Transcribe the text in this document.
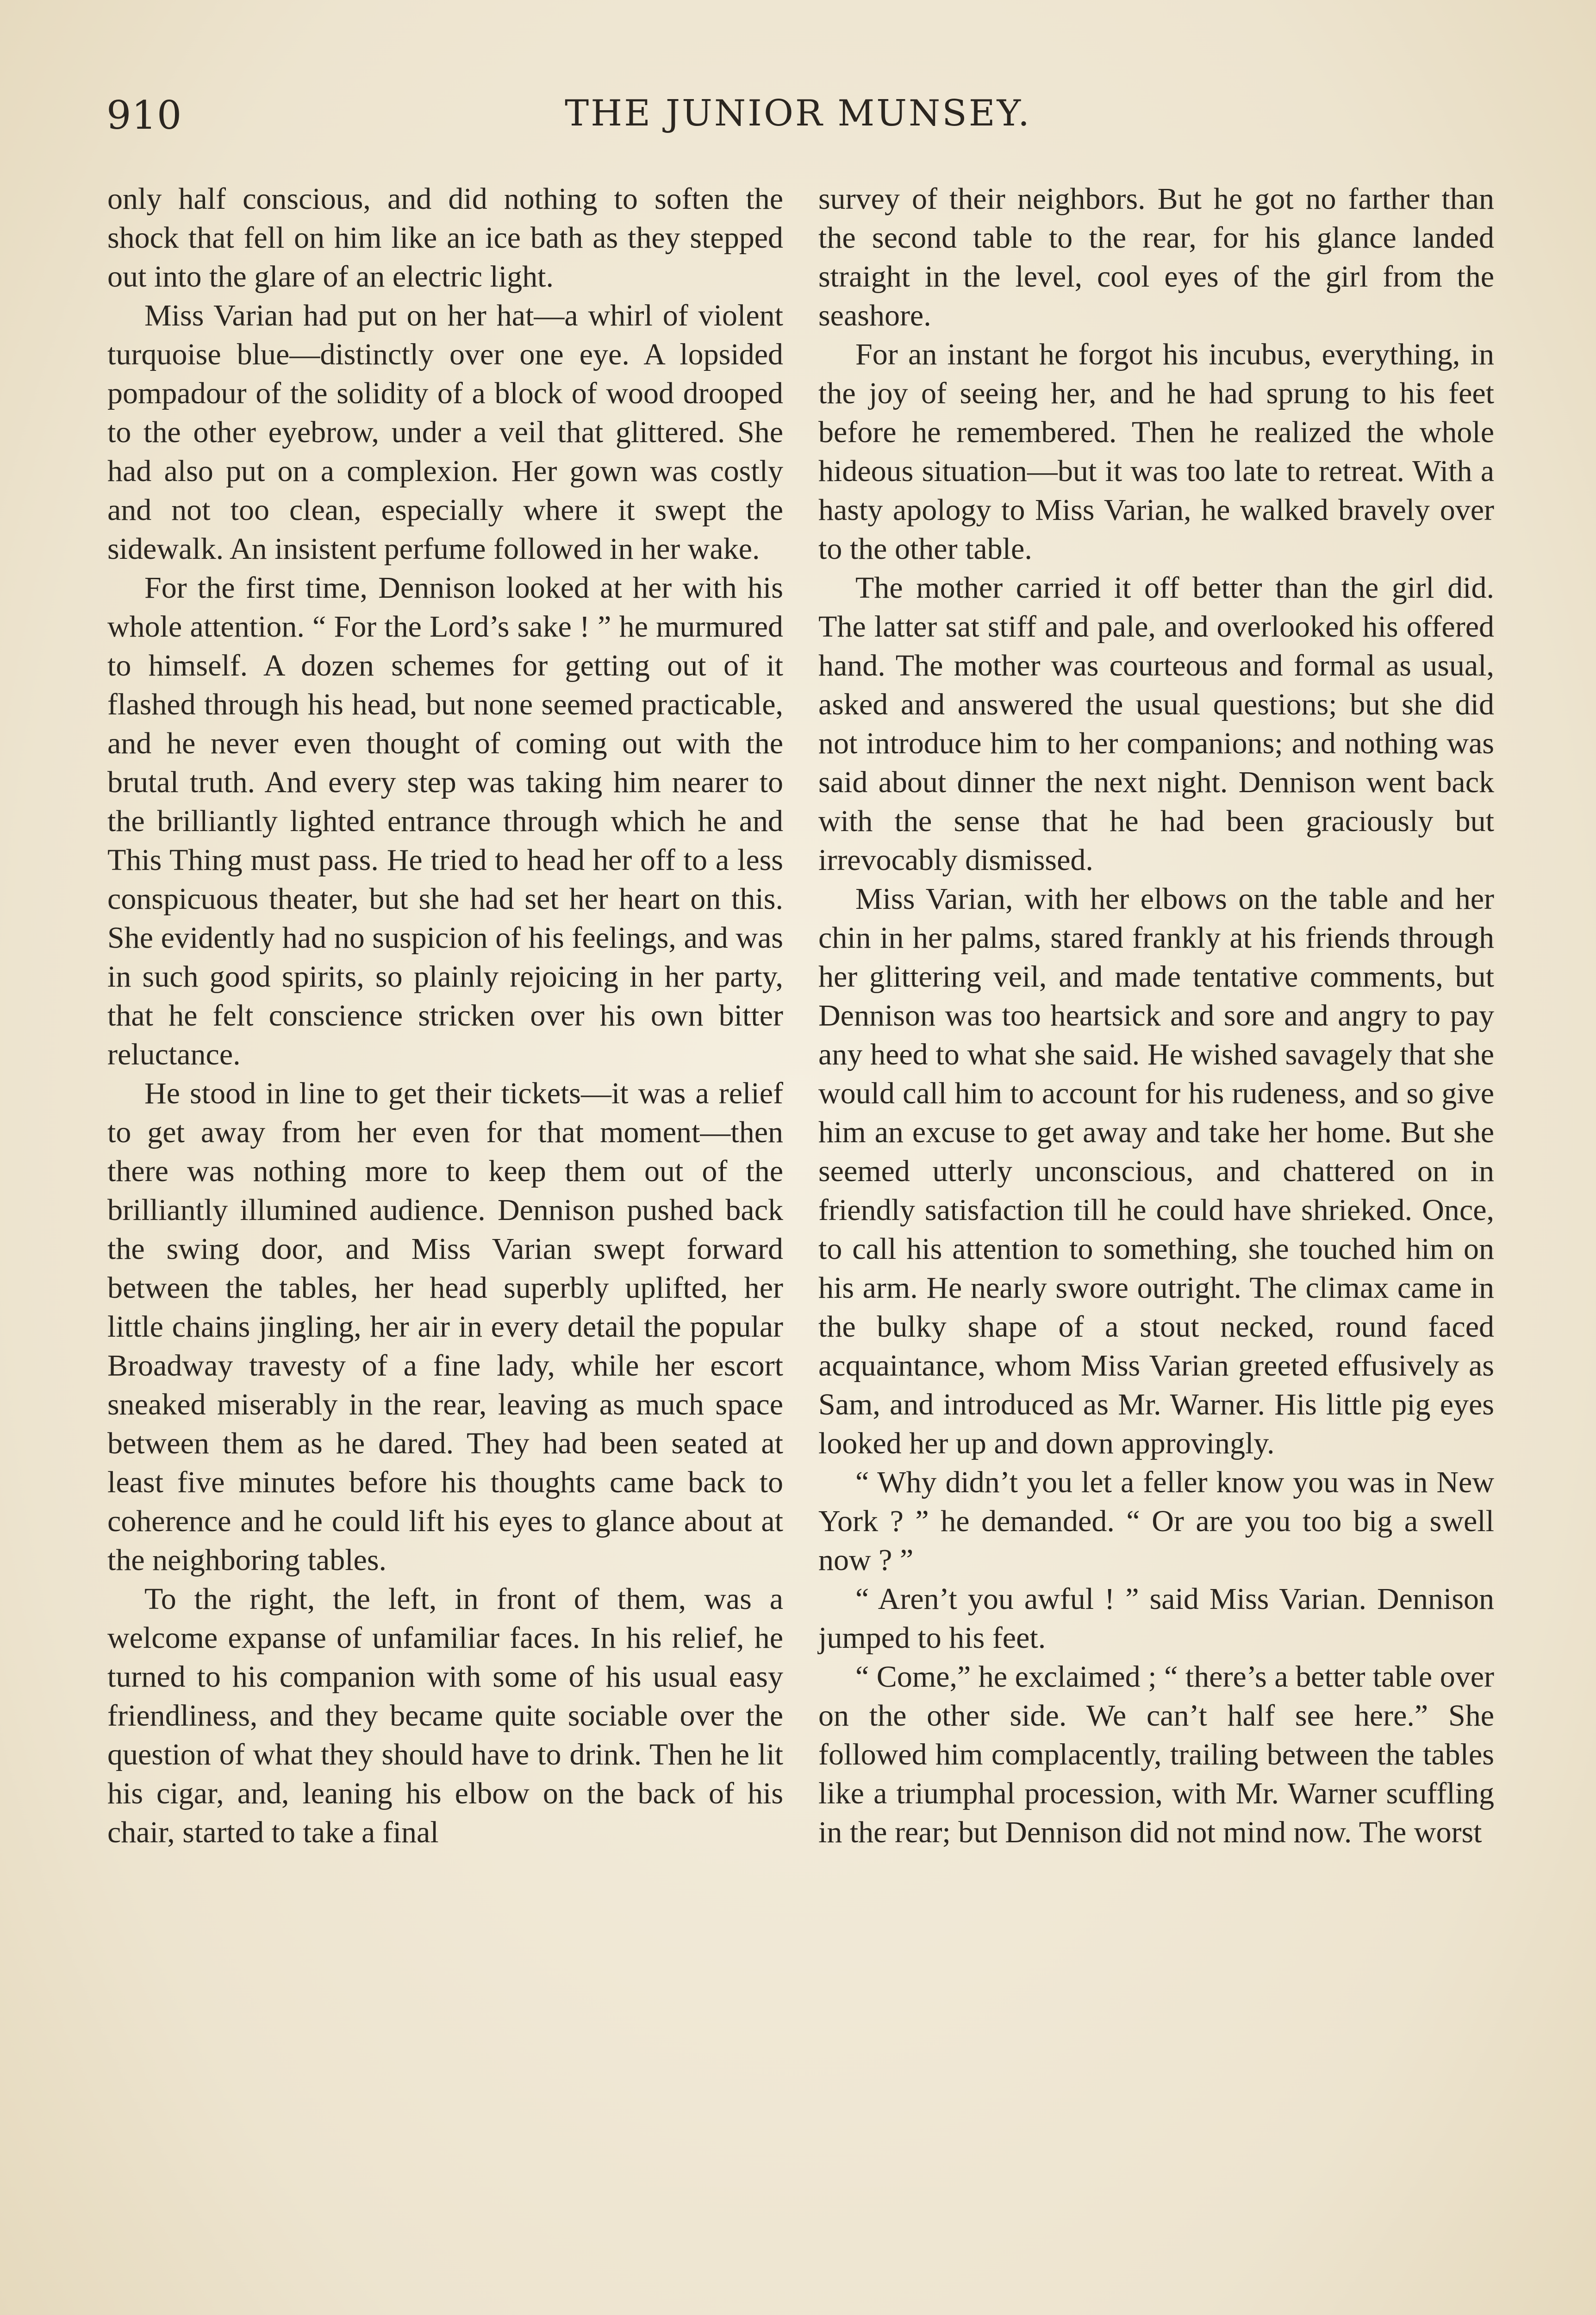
910	THE JUNIOR MUNSEY.

only half conscious, and did nothing to soften the shock that fell on him like an ice bath as they stepped out into the glare of an electric light.

Miss Varian had put on her hat—a whirl of violent turquoise blue—distinctly over one eye. A lopsided pompadour of the solidity of a block of wood drooped to the other eyebrow, under a veil that glittered. She had also put on a complexion. Her gown was costly and not too clean, especially where it swept the sidewalk. An insistent perfume followed in her wake.

For the first time, Dennison looked at her with his whole attention. “ For the Lord’s sake ! ” he murmured to himself. A dozen schemes for getting out of it flashed through his head, but none seemed practicable, and he never even thought of coming out with the brutal truth. And every step was taking him nearer to the brilliantly lighted entrance through which he and This Thing must pass. He tried to head her off to a less conspicuous theater, but she had set her heart on this. She evidently had no suspicion of his feelings, and was in such good spirits, so plainly rejoicing in her party, that he felt conscience stricken over his own bitter reluctance.

He stood in line to get their tickets—it was a relief to get away from her even for that moment—then there was nothing more to keep them out of the brilliantly illumined audience. Dennison pushed back the swing door, and Miss Varian swept forward between the tables, her head superbly uplifted, her little chains jingling, her air in every detail the popular Broadway travesty of a fine lady, while her escort sneaked miserably in the rear, leaving as much space between them as he dared. They had been seated at least five minutes before his thoughts came back to coherence and he could lift his eyes to glance about at the neighboring tables.

To the right, the left, in front of them, was a welcome expanse of unfamiliar faces. In his relief, he turned to his companion with some of his usual easy friendliness, and they became quite sociable over the question of what they should have to drink. Then he lit his cigar, and, leaning his elbow on the back of his chair, started to take a final

survey of their neighbors. But he got no farther than the second table to the rear, for his glance landed straight in the level, cool eyes of the girl from the seashore.

For an instant he forgot his incubus, everything, in the joy of seeing her, and he had sprung to his feet before he remembered. Then he realized the whole hideous situation—but it was too late to retreat. With a hasty apology to Miss Varian, he walked bravely over to the other table.

The mother carried it off better than the girl did. The latter sat stiff and pale, and overlooked his offered hand. The mother was courteous and formal as usual, asked and answered the usual questions; but she did not introduce him to her companions; and nothing was said about dinner the next night. Dennison went back with the sense that he had been graciously but irrevocably dismissed.

Miss Varian, with her elbows on the table and her chin in her palms, stared frankly at his friends through her glittering veil, and made tentative comments, but Dennison was too heartsick and sore and angry to pay any heed to what she said. He wished savagely that she would call him to account for his rudeness, and so give him an excuse to get away and take her home. But she seemed utterly unconscious, and chattered on in friendly satisfaction till he could have shrieked. Once, to call his attention to something, she touched him on his arm. He nearly swore outright. The climax came in the bulky shape of a stout necked, round faced acquaintance, whom Miss Varian greeted effusively as Sam, and introduced as Mr. Warner. His little pig eyes looked her up and down approvingly.

“ Why didn’t you let a feller know you was in New York ? ” he demanded. “ Or are you too big a swell now ? ”

“ Aren’t you awful ! ” said Miss Varian. Dennison jumped to his feet.

“ Come,” he exclaimed ; “ there’s a better table over on the other side. We can’t half see here.” She followed him complacently, trailing between the tables like a triumphal procession, with Mr. Warner scuffling in the rear; but Dennison did not mind now. The worst
